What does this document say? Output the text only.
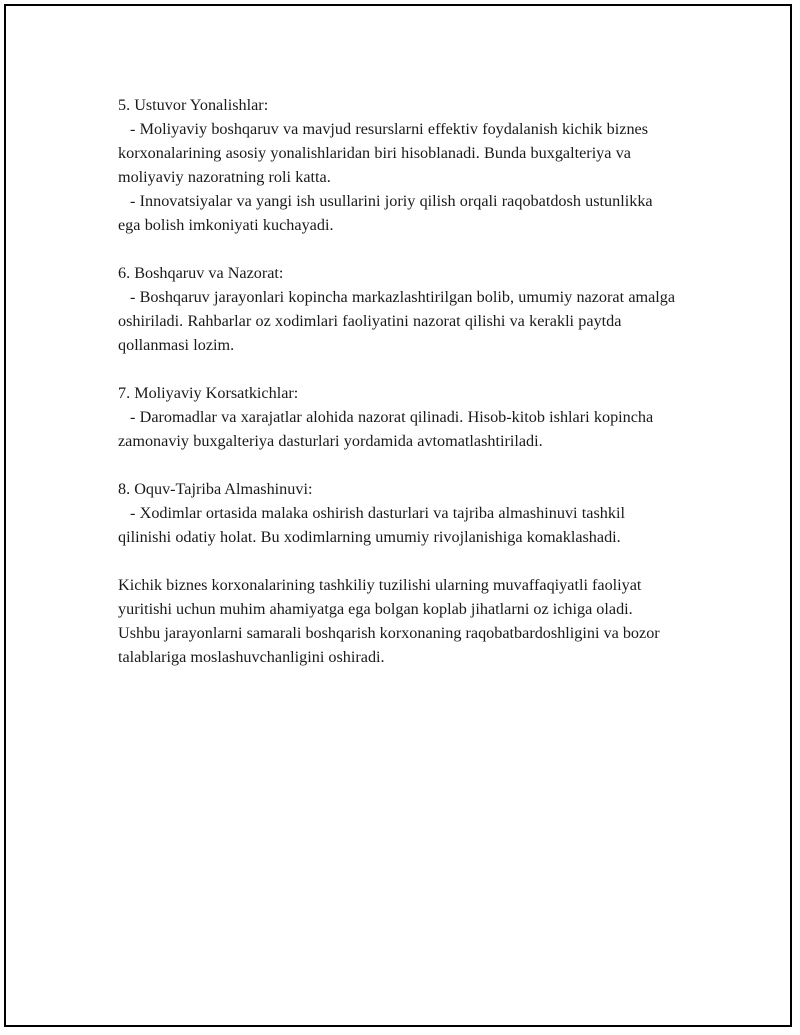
5. Ustuvor Yonalishlar:

- Moliyaviy boshqaruv va mavjud resurslarni effektiv foydalanish kichik biznes korxonalarining asosiy yonalishlaridan biri hisoblanadi. Bunda buxgalteriya va moliyaviy nazoratning roli katta.

- Innovatsiyalar va yangi ish usullarini joriy qilish orqali raqobatdosh ustunlikka ega bolish imkoniyati kuchayadi.

6. Boshqaruv va Nazorat:

- Boshqaruv jarayonlari kopincha markazlashtirilgan bolib, umumiy nazorat amalga oshiriladi. Rahbarlar oz xodimlari faoliyatini nazorat qilishi va kerakli paytda qollanmasi lozim.

7. Moliyaviy Korsatkichlar:

- Daromadlar va xarajatlar alohida nazorat qilinadi. Hisob-kitob ishlari kopincha zamonaviy buxgalteriya dasturlari yordamida avtomatlashtiriladi.

8. Oquv-Tajriba Almashinuvi:

- Xodimlar ortasida malaka oshirish dasturlari va tajriba almashinuvi tashkil qilinishi odatiy holat. Bu xodimlarning umumiy rivojlanishiga komaklashadi.

Kichik biznes korxonalarining tashkiliy tuzilishi ularning muvaffaqiyatli faoliyat yuritishi uchun muhim ahamiyatga ega bolgan koplab jihatlarni oz ichiga oladi. Ushbu jarayonlarni samarali boshqarish korxonaning raqobatbardoshligini va bozor talablariga moslashuvchanligini oshiradi.
